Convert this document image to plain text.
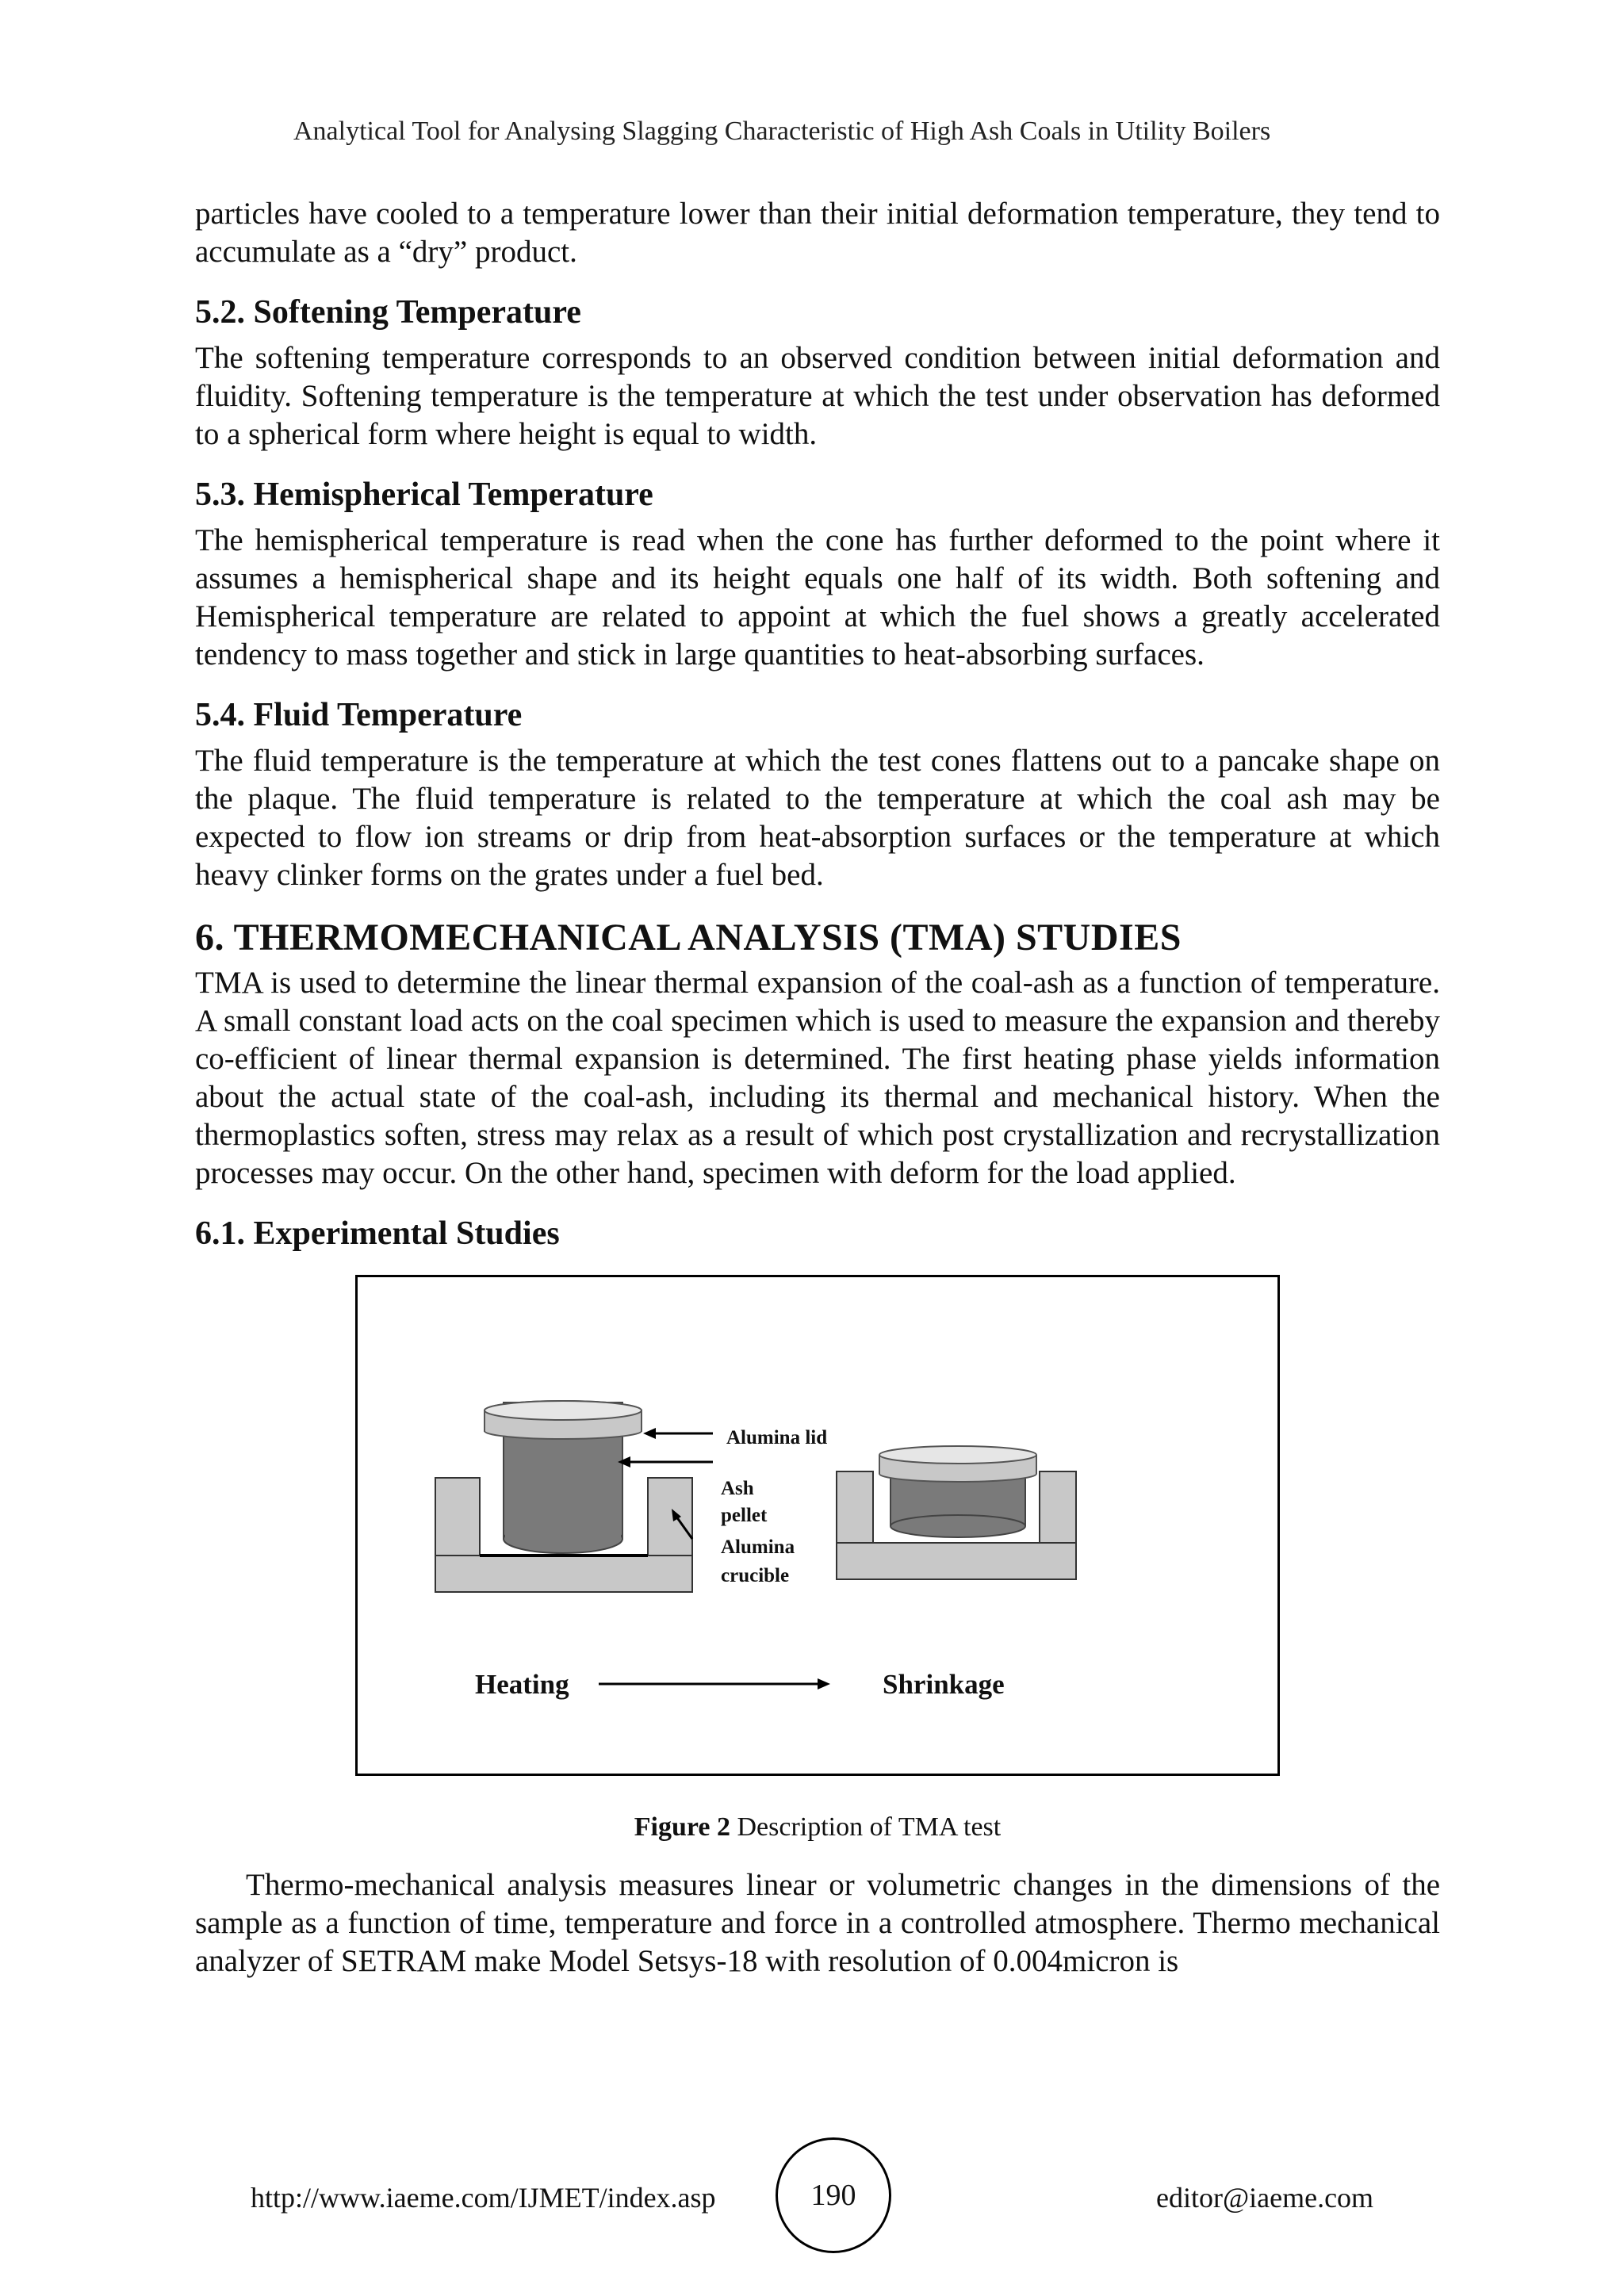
Analytical Tool for Analysing Slagging Characteristic of High Ash Coals in Utility Boilers

particles have cooled to a temperature lower than their initial deformation temperature, they tend to accumulate as a “dry” product.

5.2. Softening Temperature

The softening temperature corresponds to an observed condition between initial deformation and fluidity. Softening temperature is the temperature at which the test under observation has deformed to a spherical form where height is equal to width.

5.3. Hemispherical Temperature

The hemispherical temperature is read when the cone has further deformed to the point where it assumes a hemispherical shape and its height equals one half of its width. Both softening and Hemispherical temperature are related to appoint at which the fuel shows a greatly accelerated tendency to mass together and stick in large quantities to heat-absorbing surfaces.

5.4. Fluid Temperature

The fluid temperature is the temperature at which the test cones flattens out to a pancake shape on the plaque. The fluid temperature is related to the temperature at which the coal ash may be expected to flow ion streams or drip from heat-absorption surfaces or the temperature at which heavy clinker forms on the grates under a fuel bed.

6. THERMOMECHANICAL ANALYSIS (TMA) STUDIES

TMA is used to determine the linear thermal expansion of the coal-ash as a function of temperature. A small constant load acts on the coal specimen which is used to measure the expansion and thereby co-efficient of linear thermal expansion is determined. The first heating phase yields information about the actual state of the coal-ash, including its thermal and mechanical history. When the thermoplastics soften, stress may relax as a result of which post crystallization and recrystallization processes may occur. On the other hand, specimen with deform for the load applied.

6.1. Experimental Studies
Alumina lid
Ash
pellet
Alumina
crucible
Heating	Shrinkage
Figure 2 Description of TMA test

Thermo-mechanical analysis measures linear or volumetric changes in the dimensions of the sample as a function of time, temperature and force in a controlled atmosphere. Thermo mechanical analyzer of SETRAM make Model Setsys-18 with resolution of 0.004micron is

http://www.iaeme.com/IJMET/index.asp	190	editor@iaeme.com
